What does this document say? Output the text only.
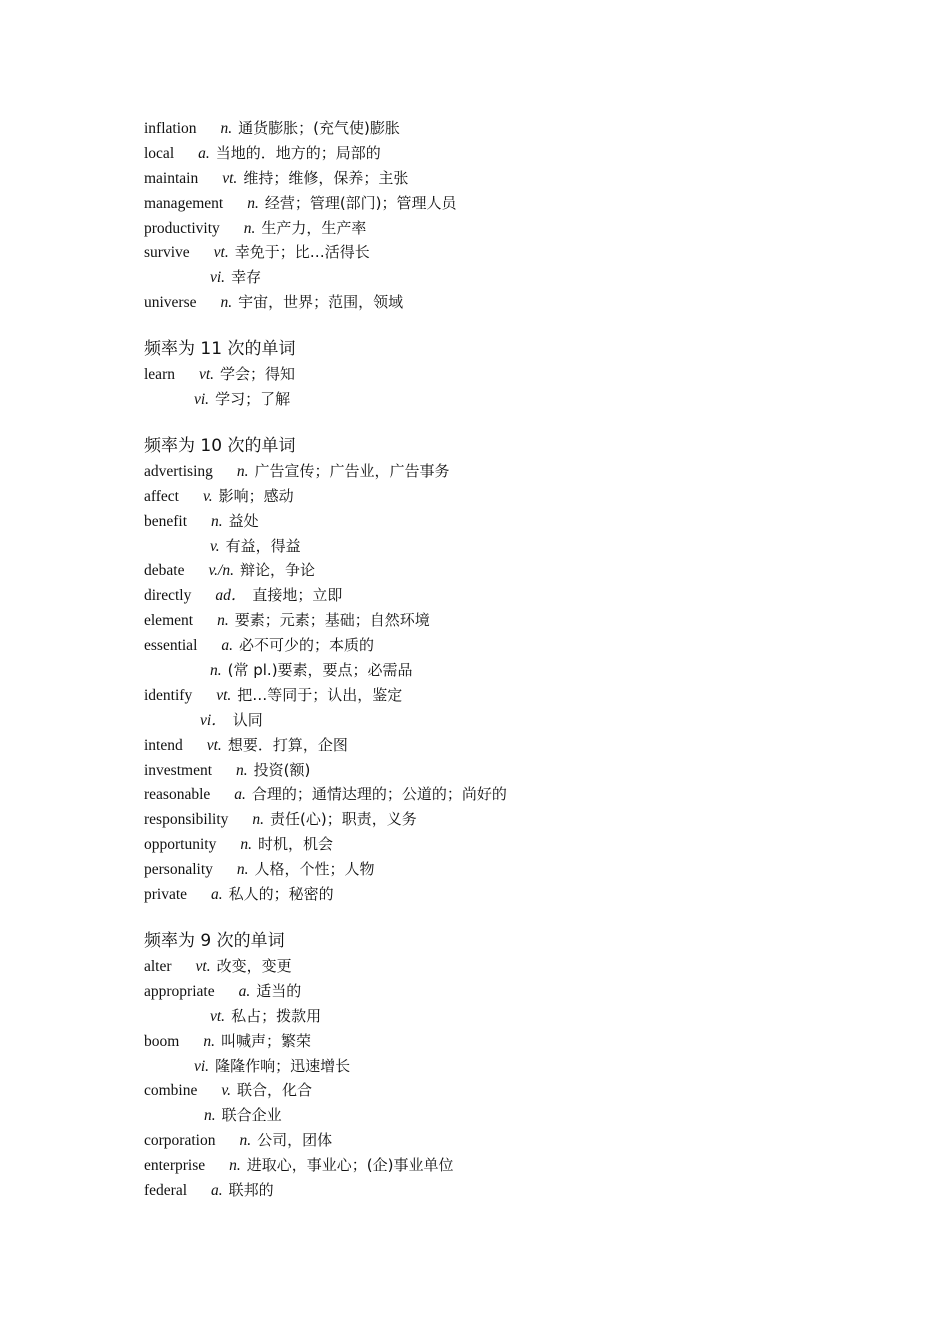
inflation n. 通货膨胀；(充气使)膨胀
local a. 当地的．地方的；局部的
maintain vt. 维持；维修，保养；主张
management n. 经营；管理(部门)；管理人员
productivity n. 生产力，生产率
survive vt. 幸免于；比…活得长
vi. 幸存
universe n. 宇宙，世界；范围，领域
频率为 11 次的单词
learn vt. 学会；得知
vi. 学习；了解
频率为 10 次的单词
advertising n. 广告宣传；广告业，广告事务
affect v. 影响；感动
benefit n. 益处
v. 有益，得益
debate v./n. 辩论，争论
directly ad． 直接地；立即
element n. 要素；元素；基础；自然环境
essential a. 必不可少的；本质的
n. (常 pl.)要素，要点；必需品
identify vt. 把…等同于；认出，鉴定
vi． 认同
intend vt. 想要．打算，企图
investment n. 投资(额)
reasonable a. 合理的；通情达理的；公道的；尚好的
responsibility n. 责任(心)；职责，义务
opportunity n. 时机，机会
personality n. 人格，个性；人物
private a. 私人的；秘密的
频率为 9 次的单词
alter vt. 改变，变更
appropriate a. 适当的
vt. 私占；拨款用
boom n. 叫喊声；繁荣
vi. 隆隆作响；迅速增长
combine v. 联合，化合
n. 联合企业
corporation n. 公司，团体
enterprise n. 进取心，事业心；(企)事业单位
federal a. 联邦的
